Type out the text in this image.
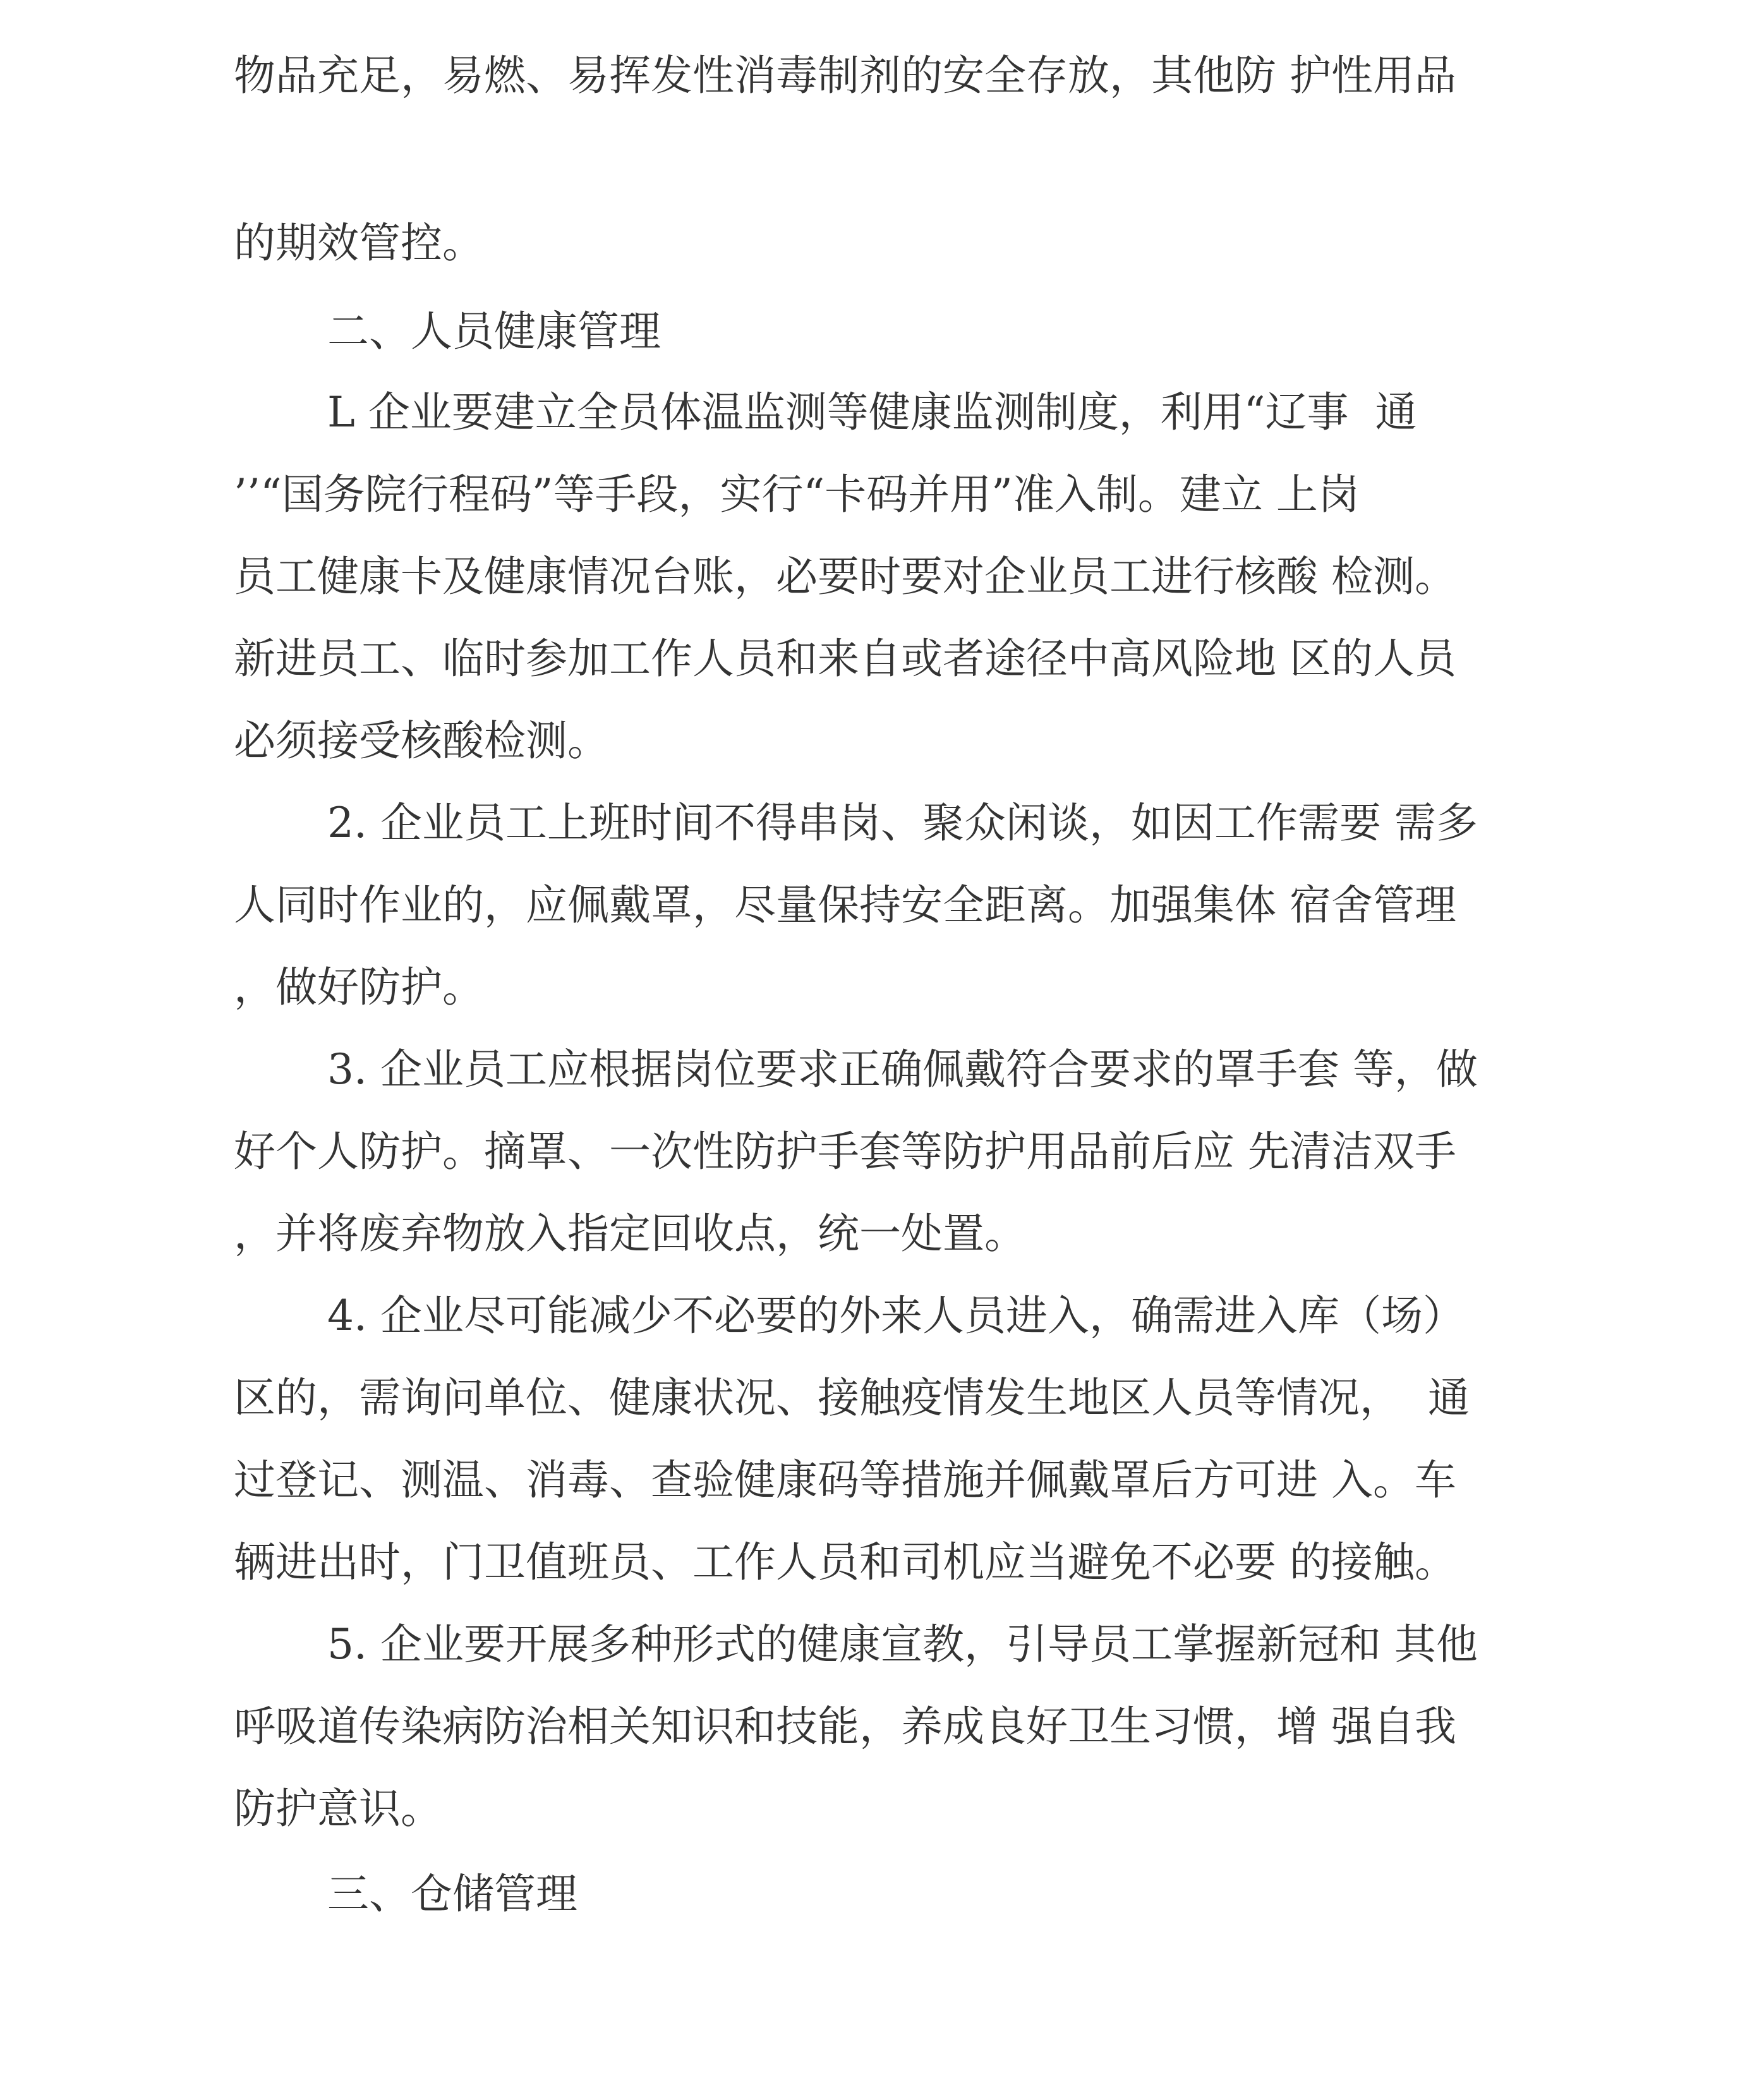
物品充足，易燃、易挥发性消毒制剂的安全存放，其他防 护性用品
的期效管控。
二、人员健康管理
L 企业要建立全员体温监测等健康监测制度，利用“辽事  通
’’“国务院行程码”等手段，实行“卡码并用”准入制。建立 上岗
员工健康卡及健康情况台账，必要时要对企业员工进行核酸 检测。
新进员工、临时参加工作人员和来自或者途径中高风险地 区的人员
必须接受核酸检测。
2. 企业员工上班时间不得串岗、聚众闲谈，如因工作需要 需多
人同时作业的，应佩戴罩，尽量保持安全距离。加强集体 宿舍管理
，做好防护。
3. 企业员工应根据岗位要求正确佩戴符合要求的罩手套 等，做
好个人防护。摘罩、一次性防护手套等防护用品前后应 先清洁双手
，并将废弃物放入指定回收点，统一处置。
4. 企业尽可能减少不必要的外来人员进入，确需进入库（场）
区的，需询问单位、健康状况、接触疫情发生地区人员等情况，  通
过登记、测温、消毒、查验健康码等措施并佩戴罩后方可进 入。车
辆进出时，门卫值班员、工作人员和司机应当避免不必要 的接触。
5. 企业要开展多种形式的健康宣教，引导员工掌握新冠和 其他
呼吸道传染病防治相关知识和技能，养成良好卫生习惯，增 强自我
防护意识。
三、仓储管理
